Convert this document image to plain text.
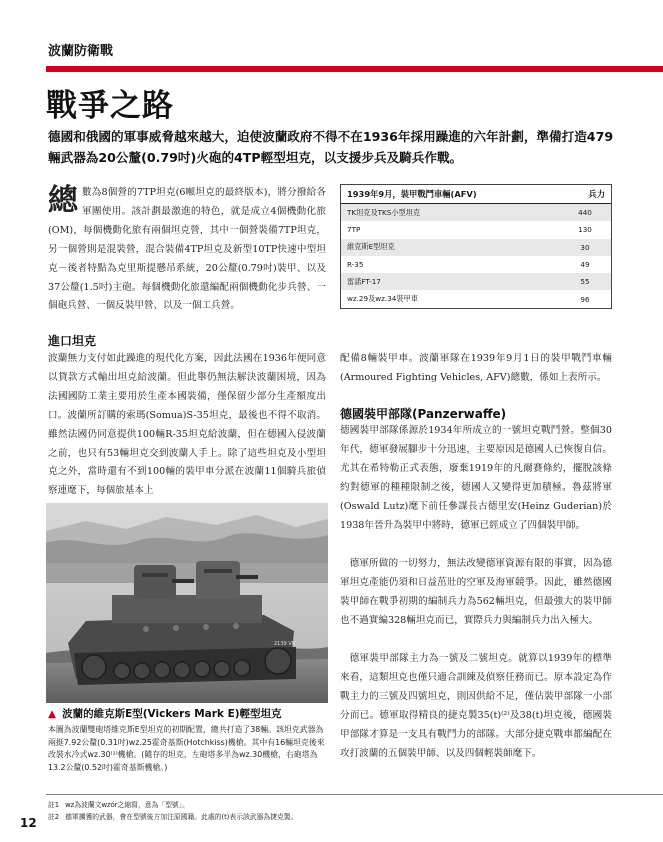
波蘭防衛戰
戰爭之路

德國和俄國的軍事威脅越來越大，迫使波蘭政府不得不在1936年採用躁進的六年計劃，準備打造479輛武器為20公釐(0.79吋)火砲的4TP輕型坦克，以支援步兵及騎兵作戰。

總數為8個營的7TP坦克(6噸坦克的最終版本)，將分撥給各軍團使用。該計劃最激進的特色，就是成立4個機動化旅(OM)，每個機動化旅有兩個坦克營，其中一個營裝備7TP坦克，另一個營則是混裝營，混合裝備4TP坦克及新型10TP快速中型坦克－後者特點為克里斯提懸吊系統，20公釐(0.79吋)裝甲、以及37公釐(1.5吋)主砲。每個機動化旅還編配兩個機動化步兵營、一個砲兵營、一個反裝甲營、以及一個工兵營。
1939年9月，裝甲戰鬥車輛(AFV)	兵力
TK坦克及TKS小型坦克	440
7TP	130
維克斯E型坦克	30
R-35	49
雷諾FT-17	55
wz.29及wz.34裝甲車	96
進口坦克

波蘭無力支付如此躁進的現代化方案，因此法國在1936年便同意以貸款方式輸出坦克給波蘭。但此舉仍無法解決波蘭困境，因為法國國防工業主要用於生產本國裝備，僅保留少部分生產額度出口。波蘭所訂購的索瑪(Somua)S-35坦克，最後也不得不取消。雖然法國仍同意提供100輛R-35坦克給波蘭，但在德國入侵波蘭之前，也只有53輛坦克交到波蘭人手上。除了這些坦克及小型坦克之外，當時還有不到100輛的裝甲車分派在波蘭11個騎兵旅偵察連麾下，每個旅基本上

配備8輛裝甲車。波蘭軍隊在1939年9月1日的裝甲戰鬥車輛(Armoured Fighting Vehicles, AFV)總數，係如上表所示。

德國裝甲部隊(Panzerwaffe)

德國裝甲部隊係源於1934年所成立的一號坦克戰鬥營。整個30年代，德軍發展腳步十分迅速，主要原因是德國人已恢復自信。尤其在希特勒正式表態，廢棄1919年的凡爾賽條約，擺脫該條約對德軍的種種限制之後，德國人又變得更加積極。魯茲將軍(Oswald Lutz)麾下前任參謀長古德里安(Heinz Guderian)於1938年晉升為裝甲中將時，德軍已經成立了四個裝甲師。

德軍所做的一切努力，無法改變德軍資源有限的事實，因為德軍坦克產能仍須和日益茁壯的空軍及海軍競爭。因此，雖然德國裝甲師在戰爭初期的編制兵力為562輛坦克，但最強大的裝甲師也不過實編328輛坦克而已，實際兵力與編制兵力出入極大。

德軍裝甲部隊主力為一號及二號坦克。就算以1939年的標準來看，這類坦克也僅只適合訓練及偵察任務而已。原本設定為作戰主力的三號及四號坦克，則因供給不足，僅佔裝甲部隊一小部分而已。德軍取得精良的捷克製35(t)⁽²⁾及38(t)坦克後，德國裝甲部隊才算是一支具有戰鬥力的部隊。大部分捷克戰車都編配在攻打波蘭的五個裝甲師、以及四個輕裝師麾下。

2139 VII
▲ 波蘭的維克斯E型(Vickers Mark E)輕型坦克

本圖為波蘭雙砲塔維克斯E型坦克的初期配置，總共打造了38輛。該坦克武器為兩挺7.92公釐(0.31吋)wz.25霍奇基斯(Hotchkiss)機槍。其中有16輛坦克後來改裝水冷式wz.30⁽¹⁾機槍。(隨存的坦克，左砲塔多半為wz.30機槍，右砲塔為13.2公釐(0.52吋)霍奇基斯機槍。)

註1 wz為波蘭文wzór之縮寫，意為「型號」。
註2 德軍擄獲的武器，會在型號後方加注原國籍。此處的(t)表示該武器為捷克製。
12
